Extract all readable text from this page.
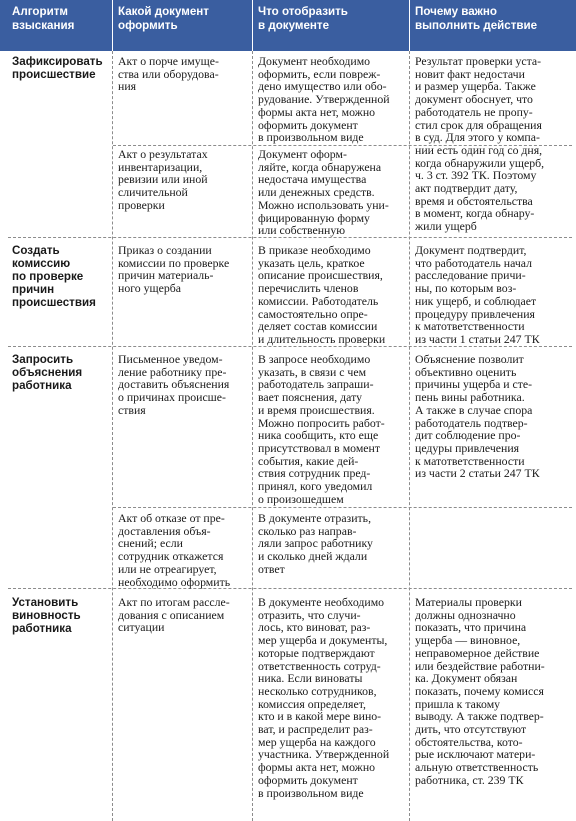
Алгоритм
взыскания
Какой документ
оформить
Что отобразить
в документе
Почему важно
выполнить действие
Зафиксировать
происшествие
Акт о порче имуще-
ства или оборудова-
ния
Документ необходимо
оформить, если повреж-
дено имущество или обо-
рудование. Утвержденной
формы акта нет, можно
оформить документ
в произвольном виде
Результат проверки уста-
новит факт недостачи
и размер ущерба. Также
документ обоснует, что
работодатель не пропу-
стил срок для обращения
в суд. Для этого у компа-
нии есть один год со дня,
когда обнаружили ущерб,
ч. 3 ст. 392 ТК. Поэтому
акт подтвердит дату,
время и обстоятельства
в момент, когда обнару-
жили ущерб
Акт о результатах
инвентаризации,
ревизии или иной
сличительной
проверки
Документ оформ-
ляйте, когда обнаружена
недостача имущества
или денежных средств.
Можно использовать уни-
фицированную форму
или собственную
Создать
комиссию
по проверке
причин
происшествия
Приказ о создании
комиссии по проверке
причин материаль-
ного ущерба
В приказе необходимо
указать цель, краткое
описание происшествия,
перечислить членов
комиссии. Работодатель
самостоятельно опре-
деляет состав комиссии
и длительность проверки
Документ подтвердит,
что работодатель начал
расследование причи-
ны, по которым воз-
ник ущерб, и соблюдает
процедуру привлечения
к матответственности
из части 1 статьи 247 ТК
Запросить
объяснения
работника
Письменное уведом-
ление работнику пре-
доставить объяснения
о причинах происше-
ствия
В запросе необходимо
указать, в связи с чем
работодатель запраши-
вает пояснения, дату
и время происшествия.
Можно попросить работ-
ника сообщить, кто еще
присутствовал в момент
события, какие дей-
ствия сотрудник пред-
принял, кого уведомил
о произошедшем
Объяснение позволит
объективно оценить
причины ущерба и сте-
пень вины работника.
А также в случае спора
работодатель подтвер-
дит соблюдение про-
цедуры привлечения
к матответственности
из части 2 статьи 247 ТК
Акт об отказе от пре-
доставления объя-
снений; если
сотрудник откажется
или не отреагирует,
необходимо оформить
В документе отразить,
сколько раз направ-
ляли запрос работнику
и сколько дней ждали
ответ
Установить
виновность
работника
Акт по итогам рассле-
дования с описанием
ситуации
В документе необходимо
отразить, что случи-
лось, кто виноват, раз-
мер ущерба и документы,
которые подтверждают
ответственность сотруд-
ника. Если виноваты
несколько сотрудников,
комиссия определяет,
кто и в какой мере вино-
ват, и распределит раз-
мер ущерба на каждого
участника. Утвержденной
формы акта нет, можно
оформить документ
в произвольном виде
Материалы проверки
должны однозначно
показать, что причина
ущерба — виновное,
неправомерное действие
или бездействие работни-
ка. Документ обязан
показать, почему комисся
пришла к такому
выводу. А также подтвер-
дить, что отсутствуют
обстоятельства, кото-
рые исключают матери-
альную ответственность
работника, ст. 239 ТК
